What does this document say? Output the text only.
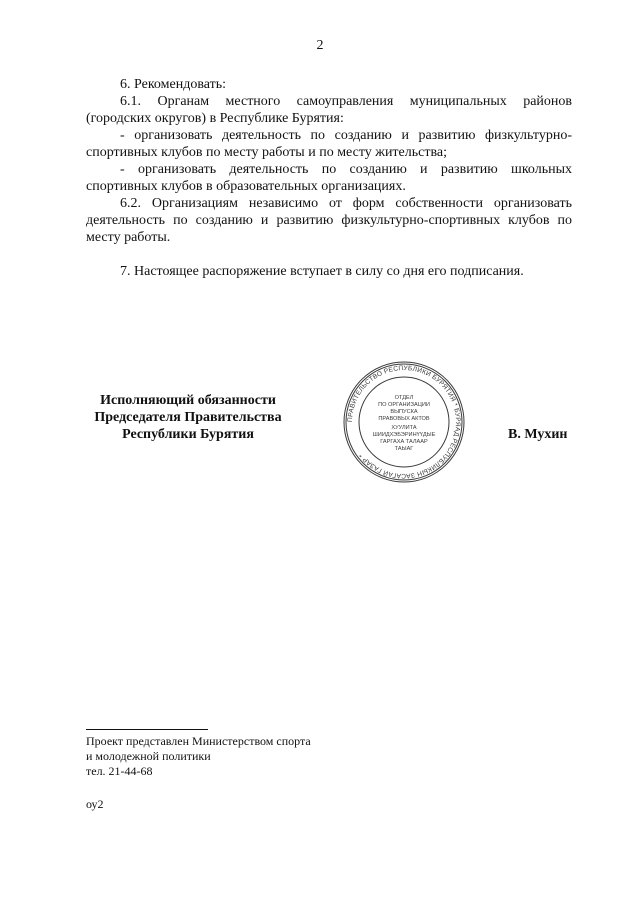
2

6. Рекомендовать:

6.1. Органам местного самоуправления муниципальных районов (городских округов) в Республике Бурятия:

- организовать деятельность по созданию и развитию физкультурно-спортивных клубов по месту работы и по месту жительства;

- организовать деятельность по созданию и развитию школьных спортивных клубов в образовательных организациях.

6.2. Организациям независимо от форм собственности организовать деятельность по созданию и развитию физкультурно-спортивных клубов по месту работы.

7. Настоящее распоряжение вступает в силу со дня его подписания.

Исполняющий обязанности
Председателя Правительства
Республики Бурятия
ПРАВИТЕЛЬСТВО РЕСПУБЛИКИ БУРЯТИЯ * БУРЯАД РЕСПУБЛИКЫН ЗАСАГАЙ ГАЗАР *
ОТДЕЛ
ПО ОРГАНИЗАЦИИ
ВЫПУСКА
ПРАВОВЫХ АКТОВ
ХУУЛИТА
ШИИДХЭБЭРИНҮҮДЫЕ
ГАРГАХА ТАЛААР
ТАЫАГ
В. Мухин
Проект представлен Министерством спорта
и молодежной политики
тел. 21-44-68
оу2
